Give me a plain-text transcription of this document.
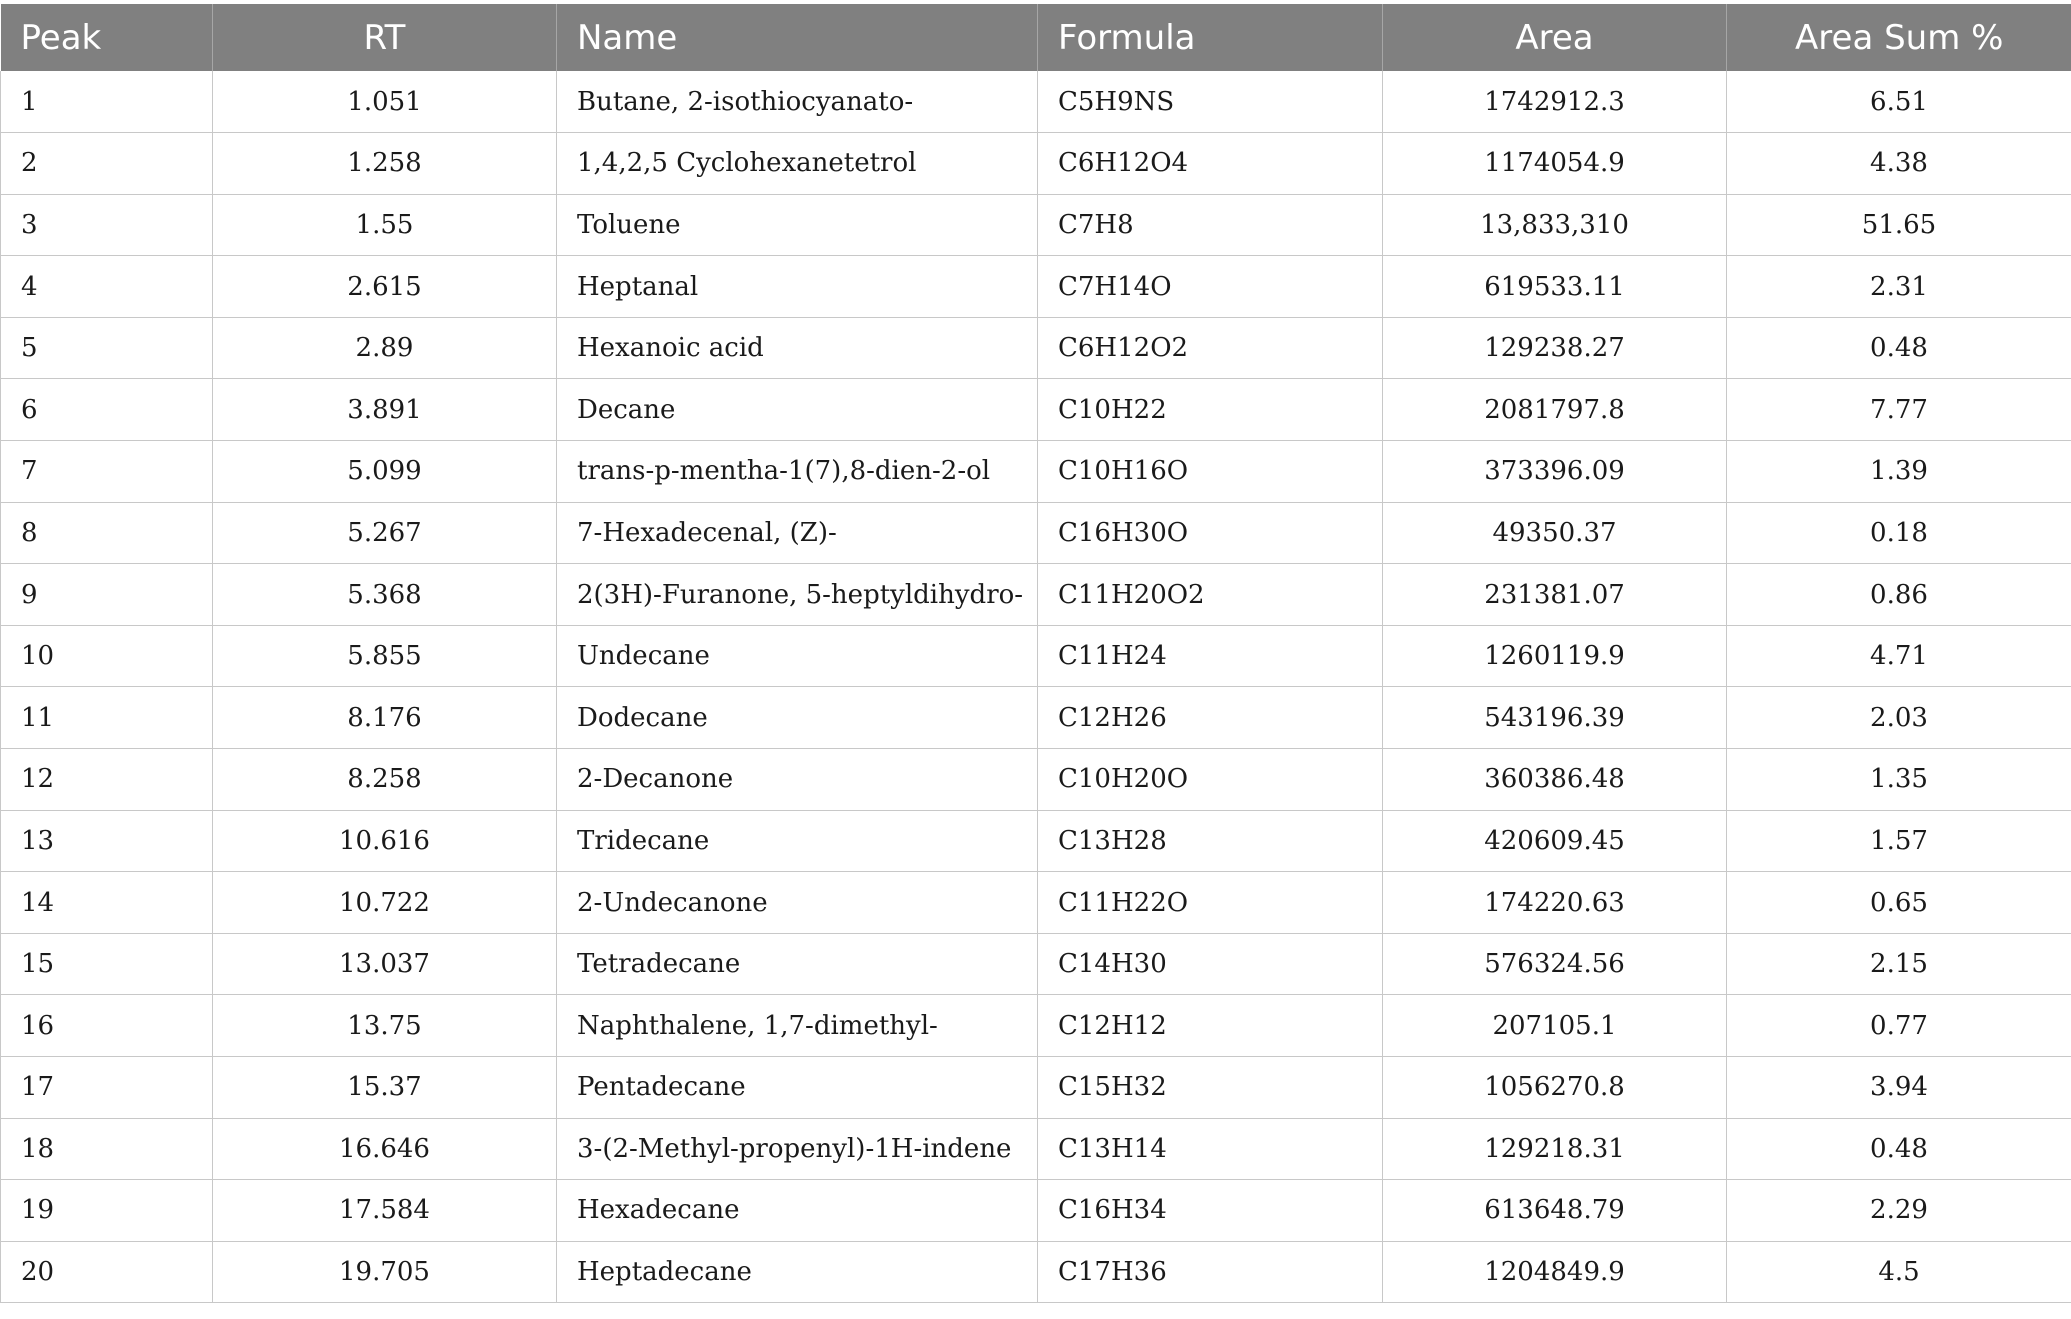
Peak	RT	Name	Formula	Area	Area Sum %
1	1.051	Butane, 2-isothiocyanato-	C5H9NS	1742912.3	6.51
2	1.258	1,4,2,5 Cyclohexanetetrol	C6H12O4	1174054.9	4.38
3	1.55	Toluene	C7H8	13,833,310	51.65
4	2.615	Heptanal	C7H14O	619533.11	2.31
5	2.89	Hexanoic acid	C6H12O2	129238.27	0.48
6	3.891	Decane	C10H22	2081797.8	7.77
7	5.099	trans-p-mentha-1(7),8-dien-2-ol	C10H16O	373396.09	1.39
8	5.267	7-Hexadecenal, (Z)-	C16H30O	49350.37	0.18
9	5.368	2(3H)-Furanone, 5-heptyldihydro-	C11H20O2	231381.07	0.86
10	5.855	Undecane	C11H24	1260119.9	4.71
11	8.176	Dodecane	C12H26	543196.39	2.03
12	8.258	2-Decanone	C10H20O	360386.48	1.35
13	10.616	Tridecane	C13H28	420609.45	1.57
14	10.722	2-Undecanone	C11H22O	174220.63	0.65
15	13.037	Tetradecane	C14H30	576324.56	2.15
16	13.75	Naphthalene, 1,7-dimethyl-	C12H12	207105.1	0.77
17	15.37	Pentadecane	C15H32	1056270.8	3.94
18	16.646	3-(2-Methyl-propenyl)-1H-indene	C13H14	129218.31	0.48
19	17.584	Hexadecane	C16H34	613648.79	2.29
20	19.705	Heptadecane	C17H36	1204849.9	4.5
